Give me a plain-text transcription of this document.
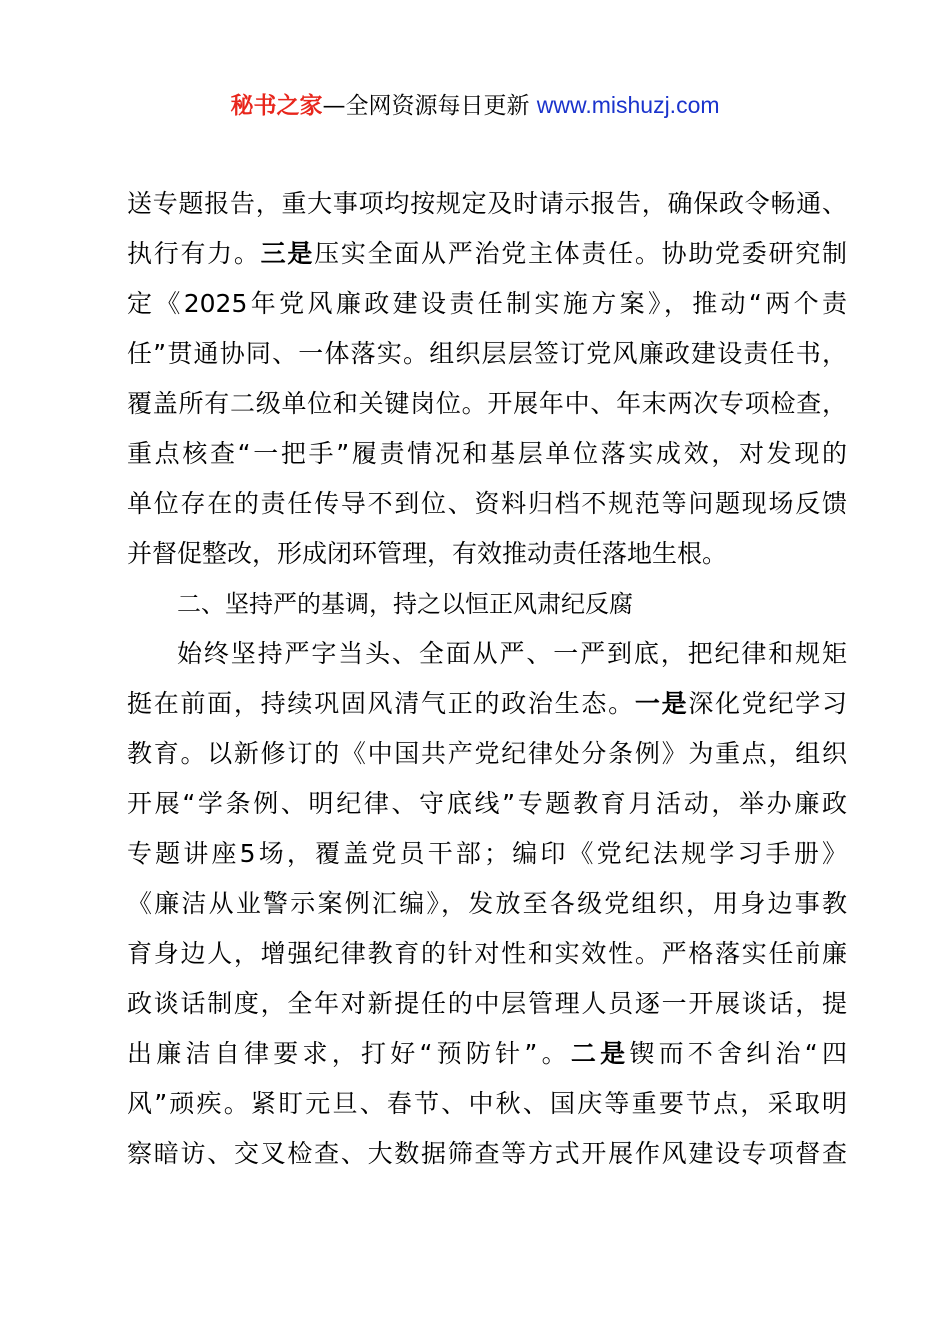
秘书之家—全网资源每日更新 www.mishuzj.com
送专题报告，重大事项均按规定及时请示报告，确保政令畅通、
执行有力。三是压实全面从严治党主体责任。协助党委研究制
定《2025年党风廉政建设责任制实施方案》，推动“两个责
任”贯通协同、一体落实。组织层层签订党风廉政建设责任书，
覆盖所有二级单位和关键岗位。开展年中、年末两次专项检查，
重点核查“一把手”履责情况和基层单位落实成效，对发现的
单位存在的责任传导不到位、资料归档不规范等问题现场反馈
并督促整改，形成闭环管理，有效推动责任落地生根。
二、坚持严的基调，持之以恒正风肃纪反腐
始终坚持严字当头、全面从严、一严到底，把纪律和规矩
挺在前面，持续巩固风清气正的政治生态。一是深化党纪学习
教育。以新修订的《中国共产党纪律处分条例》为重点，组织
开展“学条例、明纪律、守底线”专题教育月活动，举办廉政
专题讲座5场，覆盖党员干部；编印《党纪法规学习手册》
《廉洁从业警示案例汇编》，发放至各级党组织，用身边事教
育身边人，增强纪律教育的针对性和实效性。严格落实任前廉
政谈话制度，全年对新提任的中层管理人员逐一开展谈话，提
出廉洁自律要求，打好“预防针”。二是锲而不舍纠治“四
风”顽疾。紧盯元旦、春节、中秋、国庆等重要节点，采取明
察暗访、交叉检查、大数据筛查等方式开展作风建设专项督查
